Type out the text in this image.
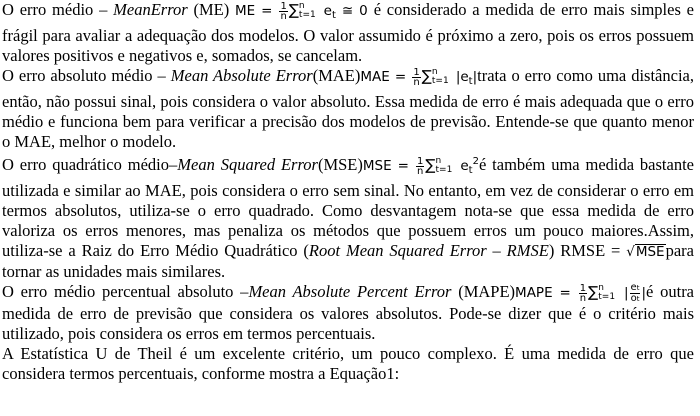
O erro médio – MeanError (ME) ME = $\frac{1}{n}$ ∑ n
t=1 $e_t$ ≅ 0 é considerado a medida de erro mais simples e frágil para avaliar a adequação dos modelos. O valor assumido é próximo a zero, pois os erros possuem valores positivos e negativos e, somados, se cancelam.

O erro absoluto médio – Mean Absolute Error(MAE)MAE = $\frac{1}{n}$ ∑ n
t=1 $|e_t|trata$ o erro como uma distância, então, não possui sinal, pois considera o valor absoluto. Essa medida de erro é mais adequada que o erro médio e funciona bem para verificar a precisão dos modelos de previsão. Entende-se que quanto menor o MAE, melhor o modelo.

O erro quadrático médio–Mean Squared Error(MSE)MSE = $\frac{1}{n}$ ∑ n
t=1 $e_t^2é$ também uma medida bastante utilizada e similar ao MAE, pois considera o erro sem sinal. No entanto, em vez de considerar o erro em termos absolutos, utiliza-se o erro quadrado. Como desvantagem nota-se que essa medida de erro valoriza os erros menores, mas penaliza os métodos que possuem erros um pouco maiores.Assim, utiliza-se a Raiz do Erro Médio Quadrático (Root Mean Squared Error – RMSE) RMSE = √MSEpara tornar as unidades mais similares.

O erro médio percentual absoluto –Mean Absolute Percent Error (MAPE)MAPE = $\frac{1}{n}$ ∑ n
t=1 | $\frac{et}{ot}$ |é outra medida de erro de previsão que considera os valores absolutos. Pode-se dizer que é o critério mais utilizado, pois considera os erros em termos percentuais.

A Estatística U de Theil é um excelente critério, um pouco complexo. É uma medida de erro que considera termos percentuais, conforme mostra a Equação1:
